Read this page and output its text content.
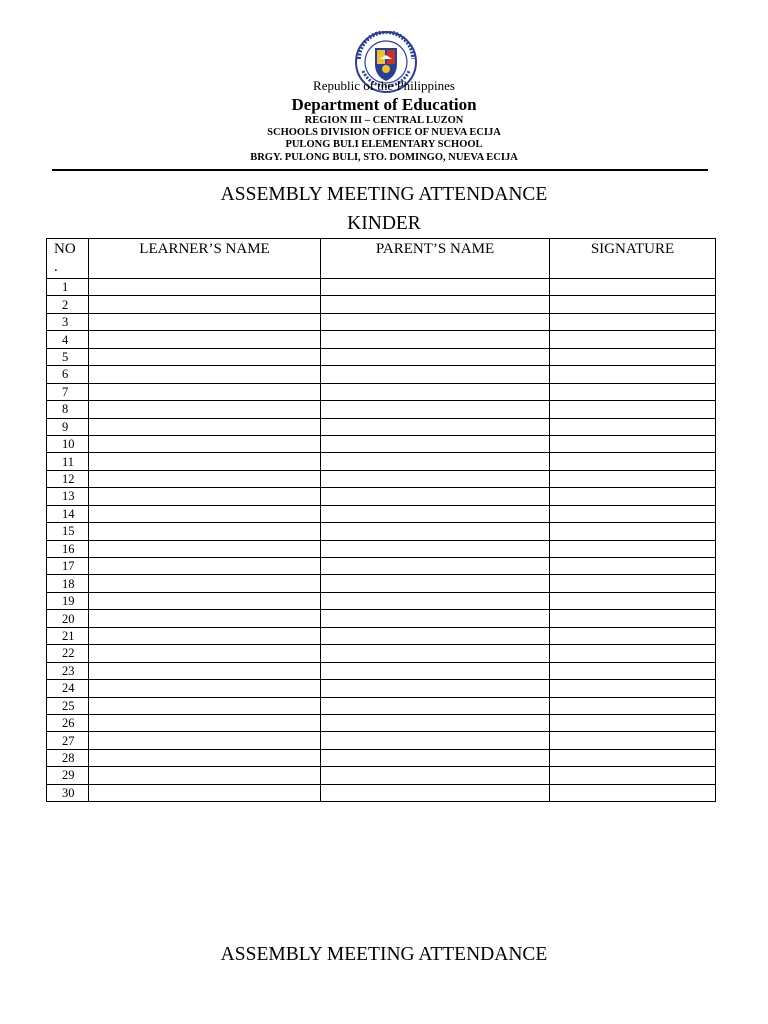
Republic of the Philippines
Department of Education
REGION III – CENTRAL LUZON
SCHOOLS DIVISION OFFICE OF NUEVA ECIJA
PULONG BULI ELEMENTARY SCHOOL
BRGY. PULONG BULI, STO. DOMINGO, NUEVA ECIJA
ASSEMBLY MEETING ATTENDANCE
KINDER
NO
.	LEARNER’S NAME	PARENT’S NAME	SIGNATURE
1			
2			
3			
4			
5			
6			
7			
8			
9			
10			
11			
12			
13			
14			
15			
16			
17			
18			
19			
20			
21			
22			
23			
24			
25			
26			
27			
28			
29			
30			
ASSEMBLY MEETING ATTENDANCE
